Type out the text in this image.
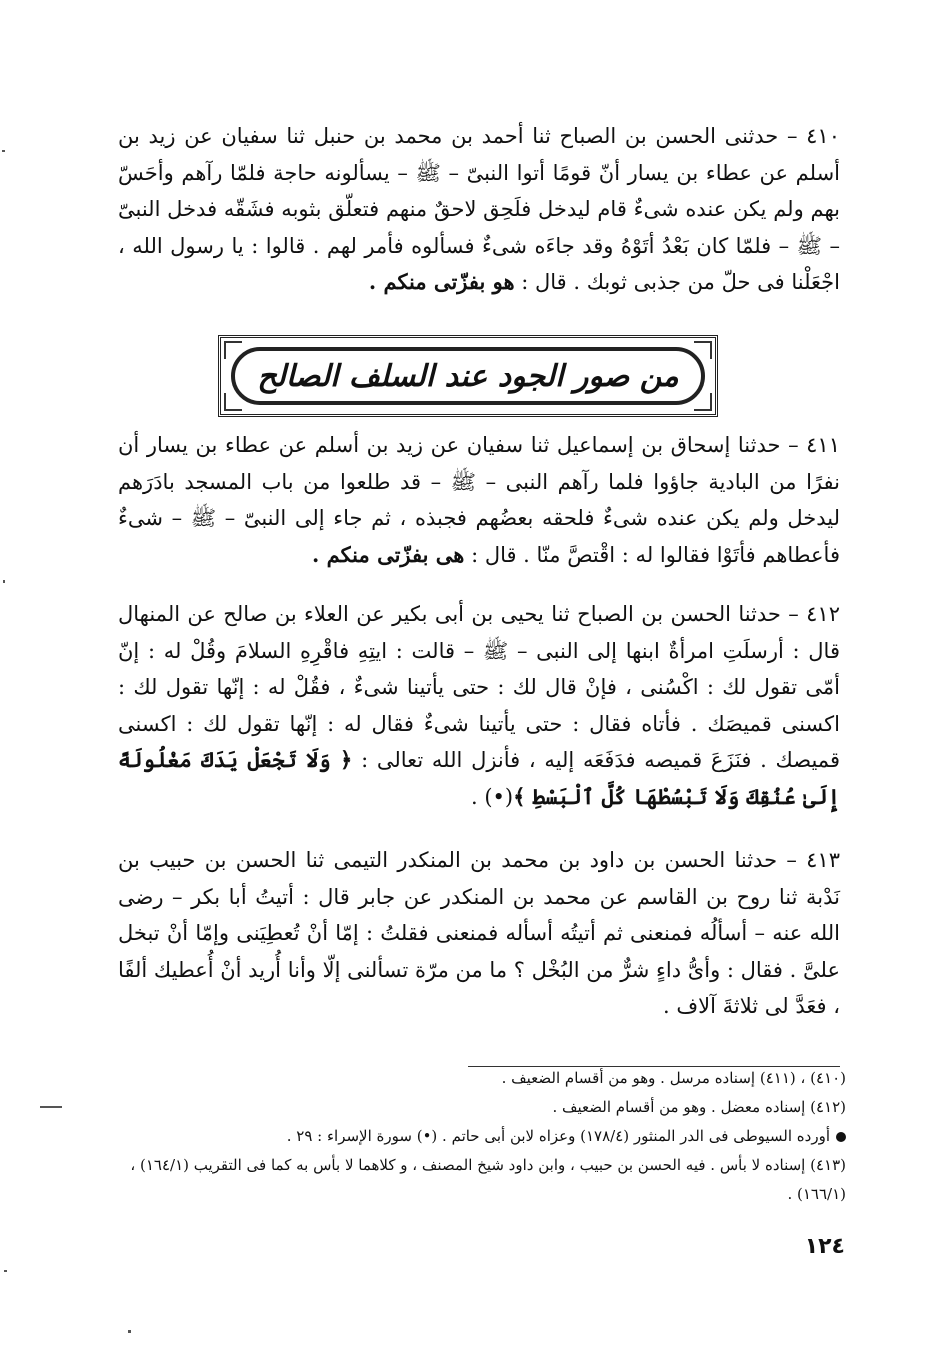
٤١٠ – حدثنى الحسن بن الصباح ثنا أحمد بن محمد بن حنبل ثنا سفيان عن زيد بن أسلم عن عطاء بن يسار أنّ قومًا أتوا النبىّ – ﷺ – يسألونه حاجة فلمّا رآهم وأحَسّ بهم ولم يكن عنده شىءٌ قام ليدخل فلَحِق لاحقٌ منهم فتعلّق بثوبه فشَقّه فدخل النبىّ – ﷺ – فلمّا كان بَعْدُ أتَوْهُ وقد جاءَه شىءٌ فسألوه فأمر لهم . قالوا : يا رسول الله ، اجْعَلْنا فى حلّ من جذبى ثوبك . قال : هو بفزّتى منكم .

من صور الجود عند السلف الصالح

٤١١ – حدثنا إسحاق بن إسماعيل ثنا سفيان عن زيد بن أسلم عن عطاء بن يسار أن نفرًا من البادية جاؤوا فلما رآهم النبى – ﷺ – قد طلعوا من باب المسجد بادَرَهم ليدخل ولم يكن عنده شىءٌ فلحقه بعضُهم فجبذه ، ثم جاء إلى النبىّ – ﷺ – شىءٌ فأعطاهم فأتَوْا فقالوا له : اقْتصَّ منّا . قال : هى بفزّتى منكم .

٤١٢ – حدثنا الحسن بن الصباح ثنا يحيى بن أبى بكير عن العلاء بن صالح عن المنهال قال : أرسلَتِ امرأةٌ ابنها إلى النبى – ﷺ – قالت : ايتِهِ فاقْرِهِ السلامَ وقُلْ له : إنّ أمّى تقول لك : اكْسُنى ، فإنْ قال لك : حتى يأتينا شىءٌ ، فقُلْ له : إنّها تقول لك : اكسنى قميصَك . فأتاه فقال : حتى يأتينا شىءٌ فقال له : إنّها تقول لك : اكسنى قميصك . فنَزَعَ قميصه فدَفَعَه إليه ، فأنزل الله تعالى : ﴿ وَلَا تَجْعَلْ يَدَكَ مَغْلُولَةً إِلَىٰ عُنُقِكَ وَلَا تَبْسُطْهَا كُلَّ ٱلْبَسْطِ ﴾(•) .

٤١٣ – حدثنا الحسن بن داود بن محمد بن المنكدر التيمى ثنا الحسن بن حبيب بن نَدْبة ثنا روح بن القاسم عن محمد بن المنكدر عن جابر قال : أتيتُ أبا بكر – رضى الله عنه – أسألُه فمنعنى ثم أتيتُه أسأله فمنعنى فقلتُ : إمّا أنْ تُعطِيَنى وإمّا أنْ تبخل علىَّ . فقال : وأىُّ داءٍ شرٌّ من البُخْل ؟ ما من مرّة تسألنى إلّا وأنا أُريد أنْ أُعطيك ألفًا ، فعَدَّ لى ثلاثةَ آلاف .

(٤١٠) ، (٤١١) إسناده مرسل . وهو من أقسام الضعيف .

(٤١٢) إسناده معضل . وهو من أقسام الضعيف .

أورده السيوطى فى الدر المنثور (١٧٨/٤) وعزاه لابن أبى حاتم . (•) سورة الإسراء : ٢٩ .

(٤١٣) إسناده لا بأس . فيه الحسن بن حبيب ، وابن داود شيخ المصنف ، و كلاهما لا بأس به كما فى التقريب (١٦٤/١) ، (١٦٦/١) .

١٢٤
